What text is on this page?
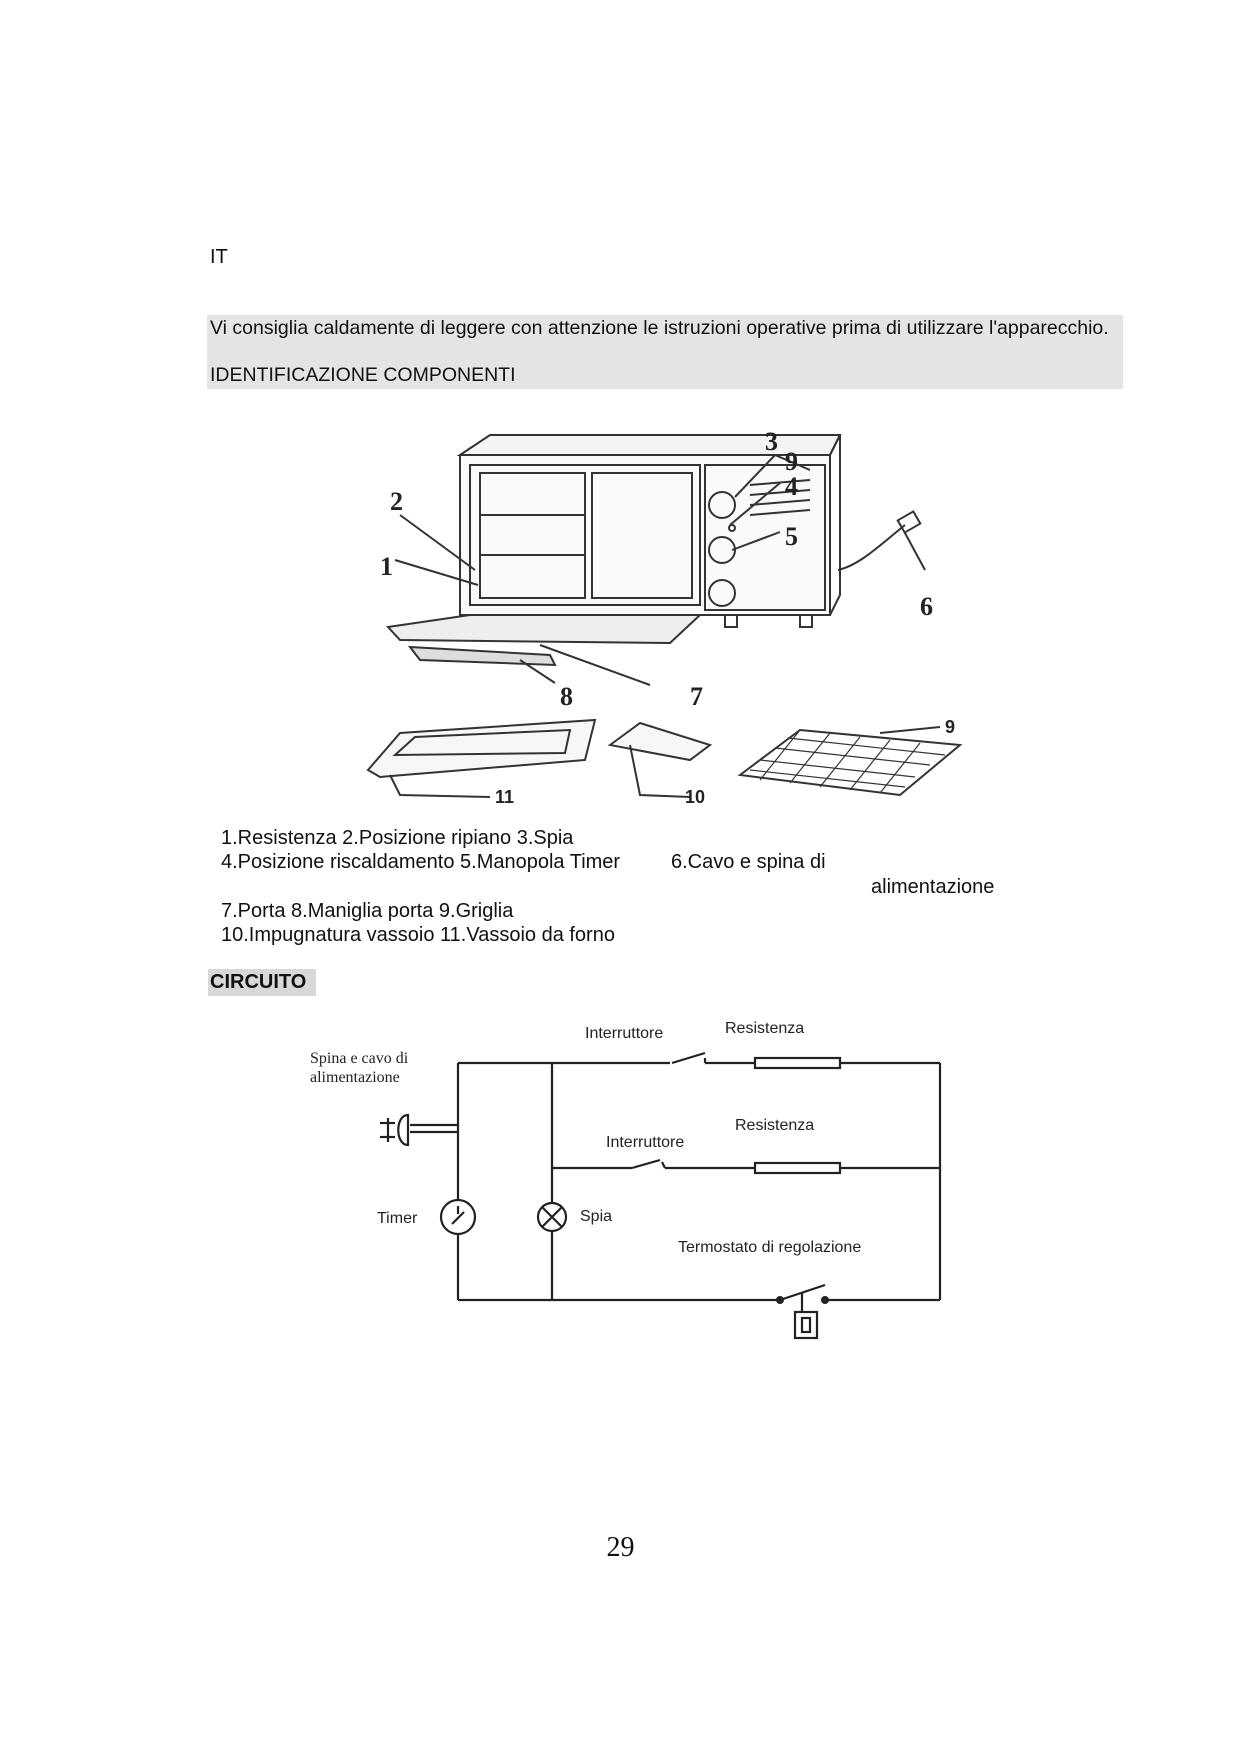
IT
Vi consiglia caldamente di leggere con attenzione le istruzioni operative prima di utilizzare l'apparecchio.
IDENTIFICAZIONE COMPONENTI
2
1
3
9
4
5
6
7
8
9
10
11
1.Resistenza 2.Posizione ripiano 3.Spia
4.Posizione riscaldamento 5.Manopola Timer	6.Cavo e spina di
alimentazione
7.Porta 8.Maniglia porta 9.Griglia
10.Impugnatura vassoio 11.Vassoio da forno
CIRCUITO
Interruttore	Resistenza
Spina e cavo di
alimentazione
Interruttore
Resistenza
Timer	Spia
Termostato di regolazione
29
